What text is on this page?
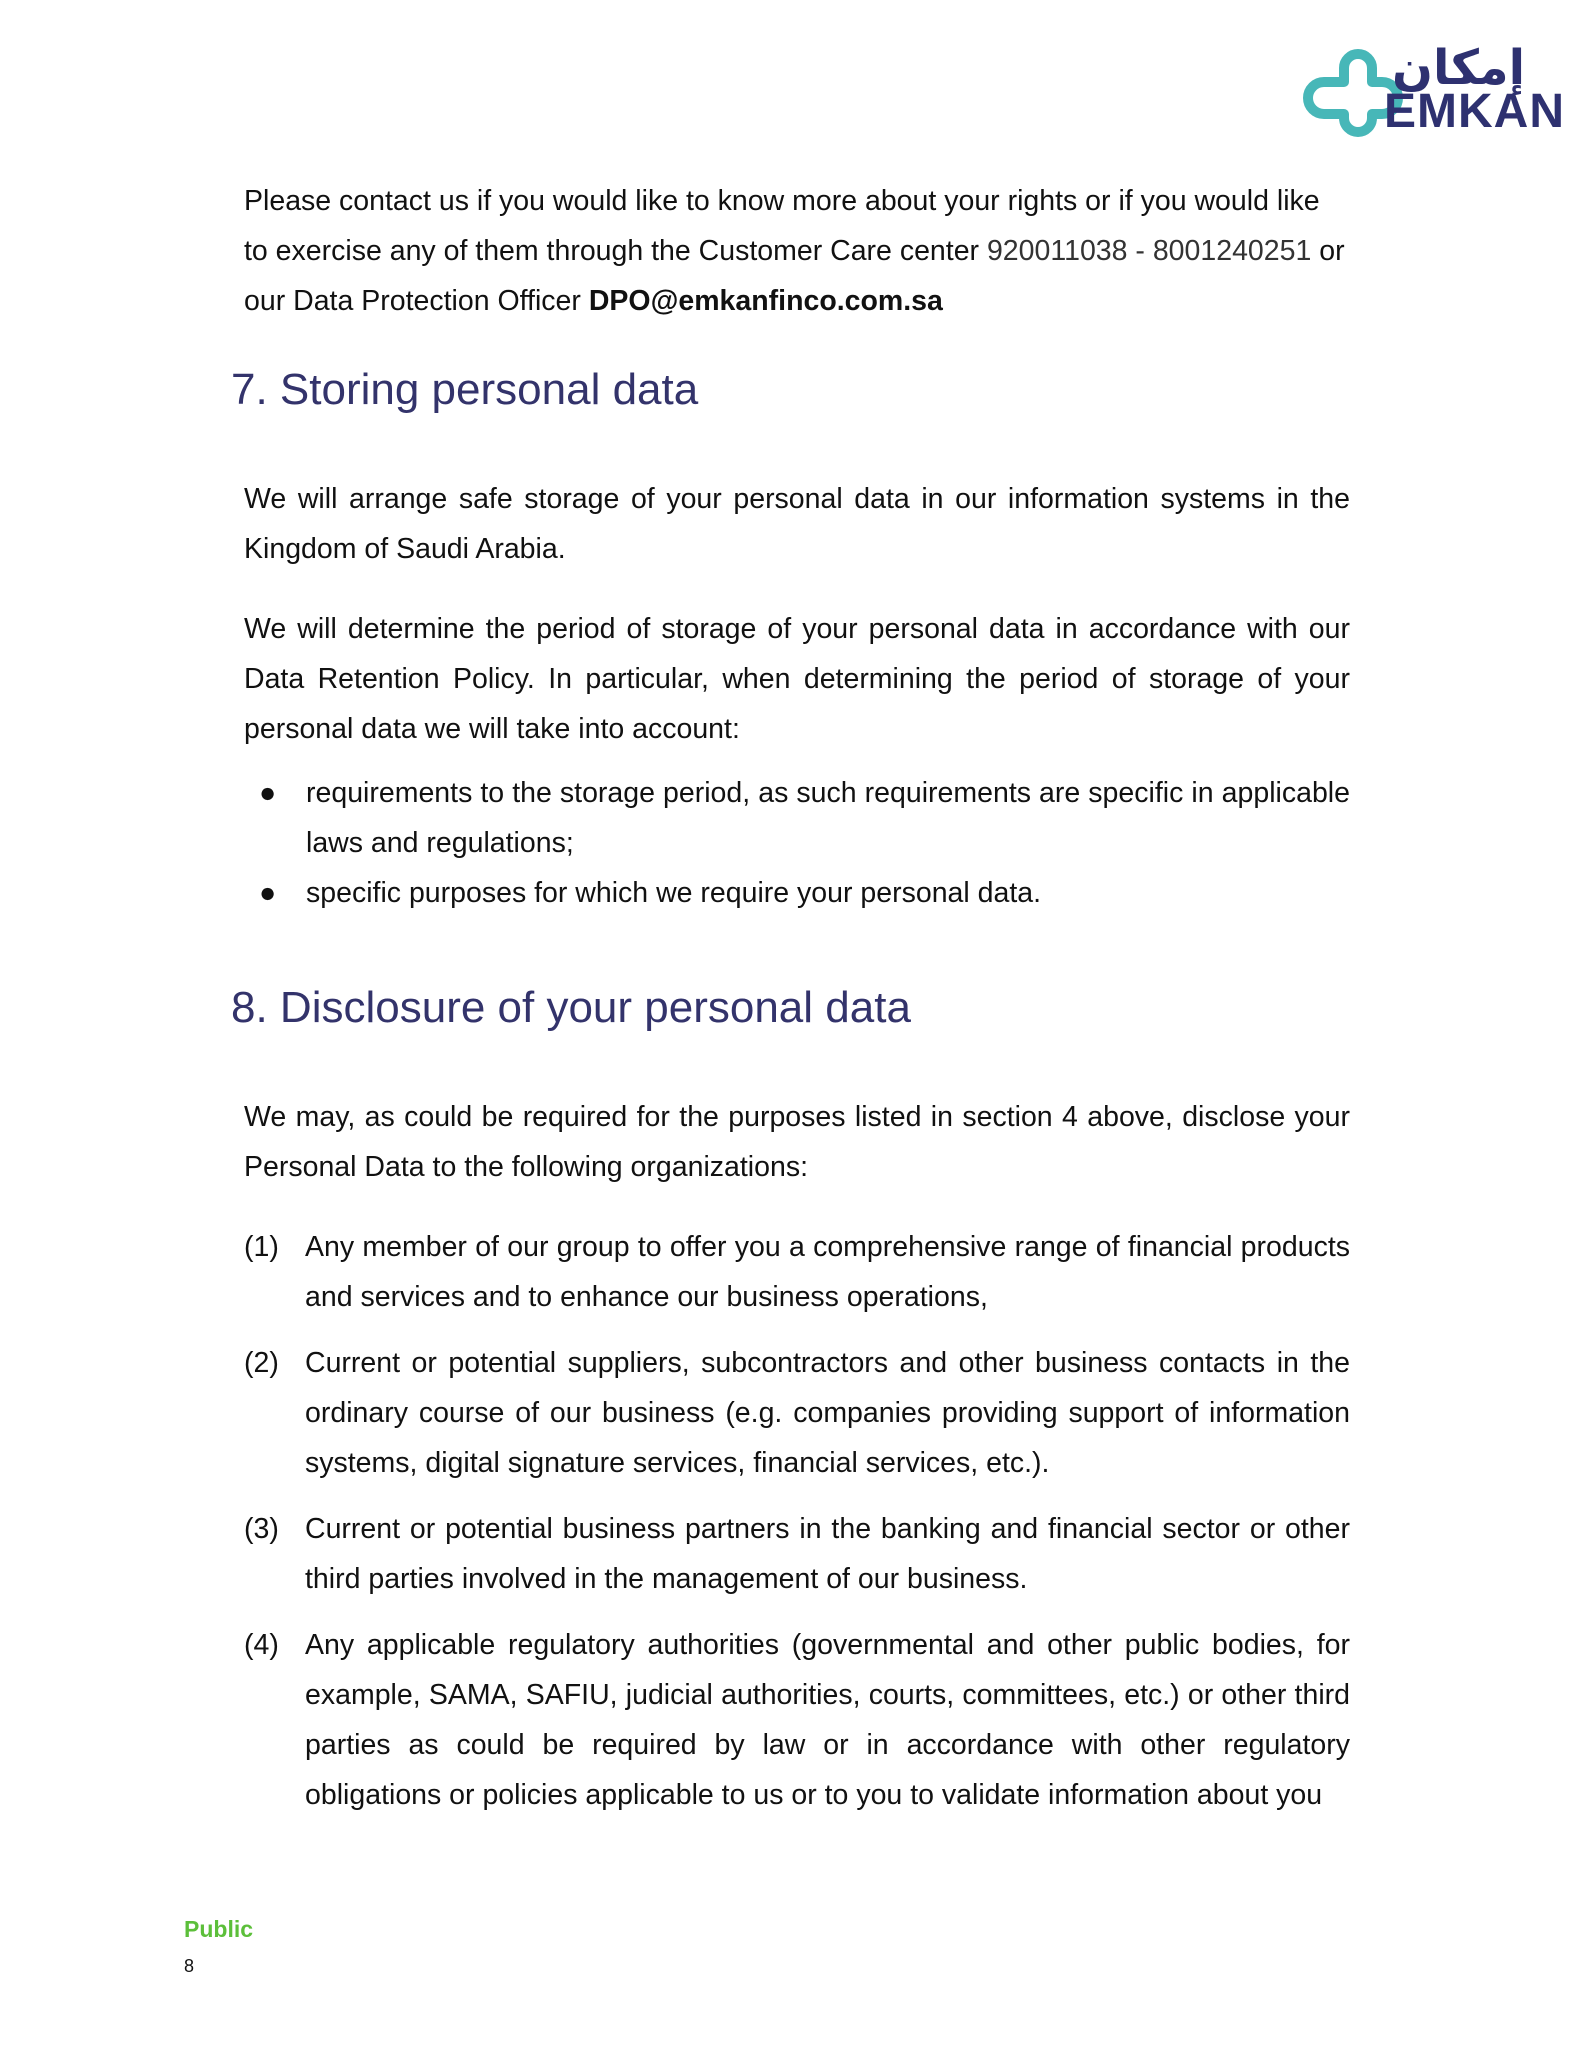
إمكان
EMKAN

Please contact us if you would like to know more about your rights or if you would like to exercise any of them through the Customer Care center 920011038 - 8001240251 or our Data Protection Officer DPO@emkanfinco.com.sa

7. Storing personal data

We will arrange safe storage of your personal data in our information systems in the Kingdom of Saudi Arabia.

We will determine the period of storage of your personal data in accordance with our Data Retention Policy. In particular, when determining the period of storage of your personal data we will take into account:

● requirements to the storage period, as such requirements are specific in applicable laws and regulations;
● specific purposes for which we require your personal data.
8. Disclosure of your personal data

We may, as could be required for the purposes listed in section 4 above, disclose your Personal Data to the following organizations:

(1) Any member of our group to offer you a comprehensive range of financial products and services and to enhance our business operations,
(2) Current or potential suppliers, subcontractors and other business contacts in the ordinary course of our business (e.g. companies providing support of information systems, digital signature services, financial services, etc.).
(3) Current or potential business partners in the banking and financial sector or other third parties involved in the management of our business.
(4) Any applicable regulatory authorities (governmental and other public bodies, for example, SAMA, SAFIU, judicial authorities, courts, committees, etc.) or other third parties as could be required by law or in accordance with other regulatory obligations or policies applicable to us or to you to validate information about you
Public
8
